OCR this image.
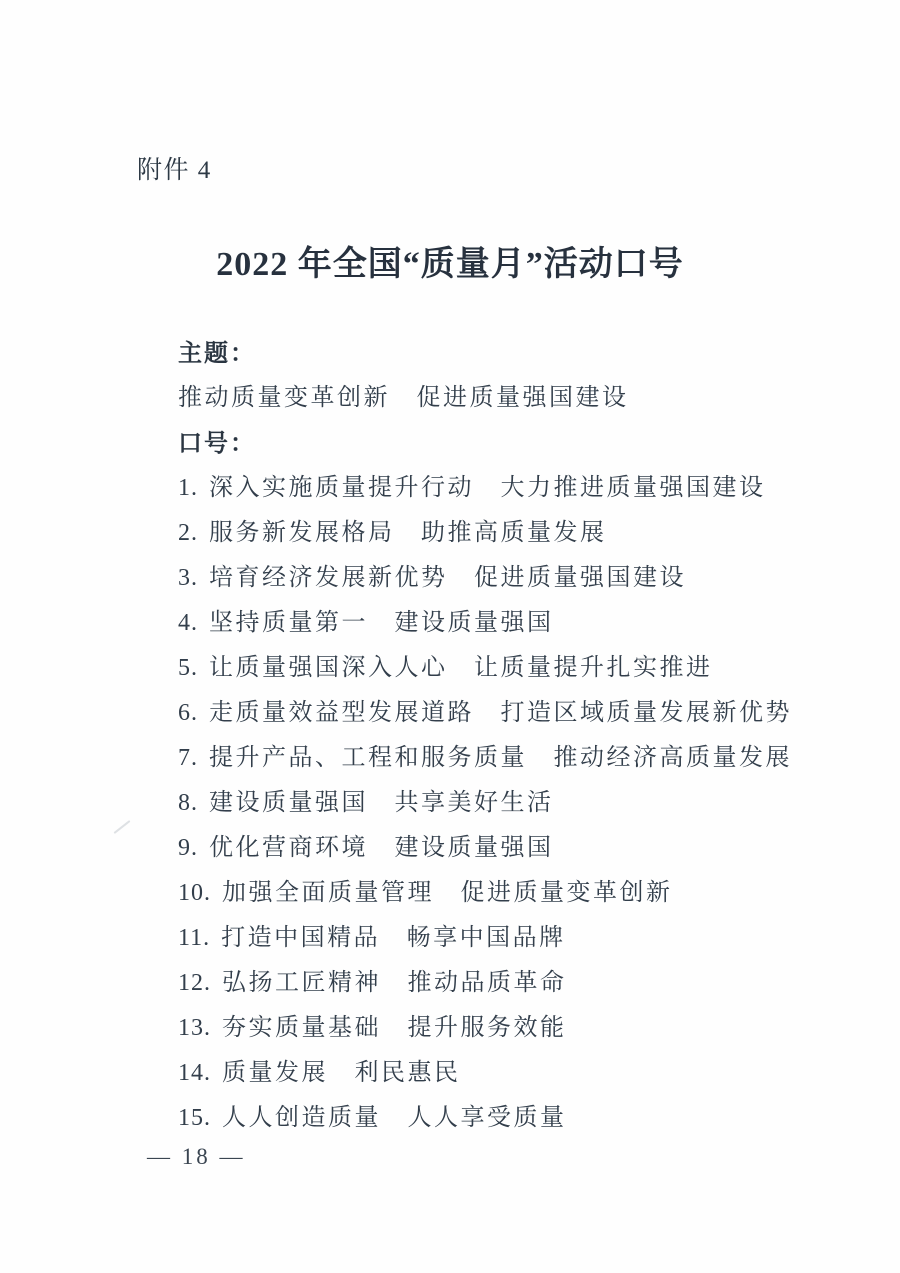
附件 4
2022 年全国“质量月”活动口号
主题：
推动质量变革创新　促进质量强国建设
口号：
1. 深入实施质量提升行动　大力推进质量强国建设
2. 服务新发展格局　助推高质量发展
3. 培育经济发展新优势　促进质量强国建设
4. 坚持质量第一　建设质量强国
5. 让质量强国深入人心　让质量提升扎实推进
6. 走质量效益型发展道路　打造区域质量发展新优势
7. 提升产品、工程和服务质量　推动经济高质量发展
8. 建设质量强国　共享美好生活
9. 优化营商环境　建设质量强国
10. 加强全面质量管理　促进质量变革创新
11. 打造中国精品　畅享中国品牌
12. 弘扬工匠精神　推动品质革命
13. 夯实质量基础　提升服务效能
14. 质量发展　利民惠民
15. 人人创造质量　人人享受质量
— 18 —
